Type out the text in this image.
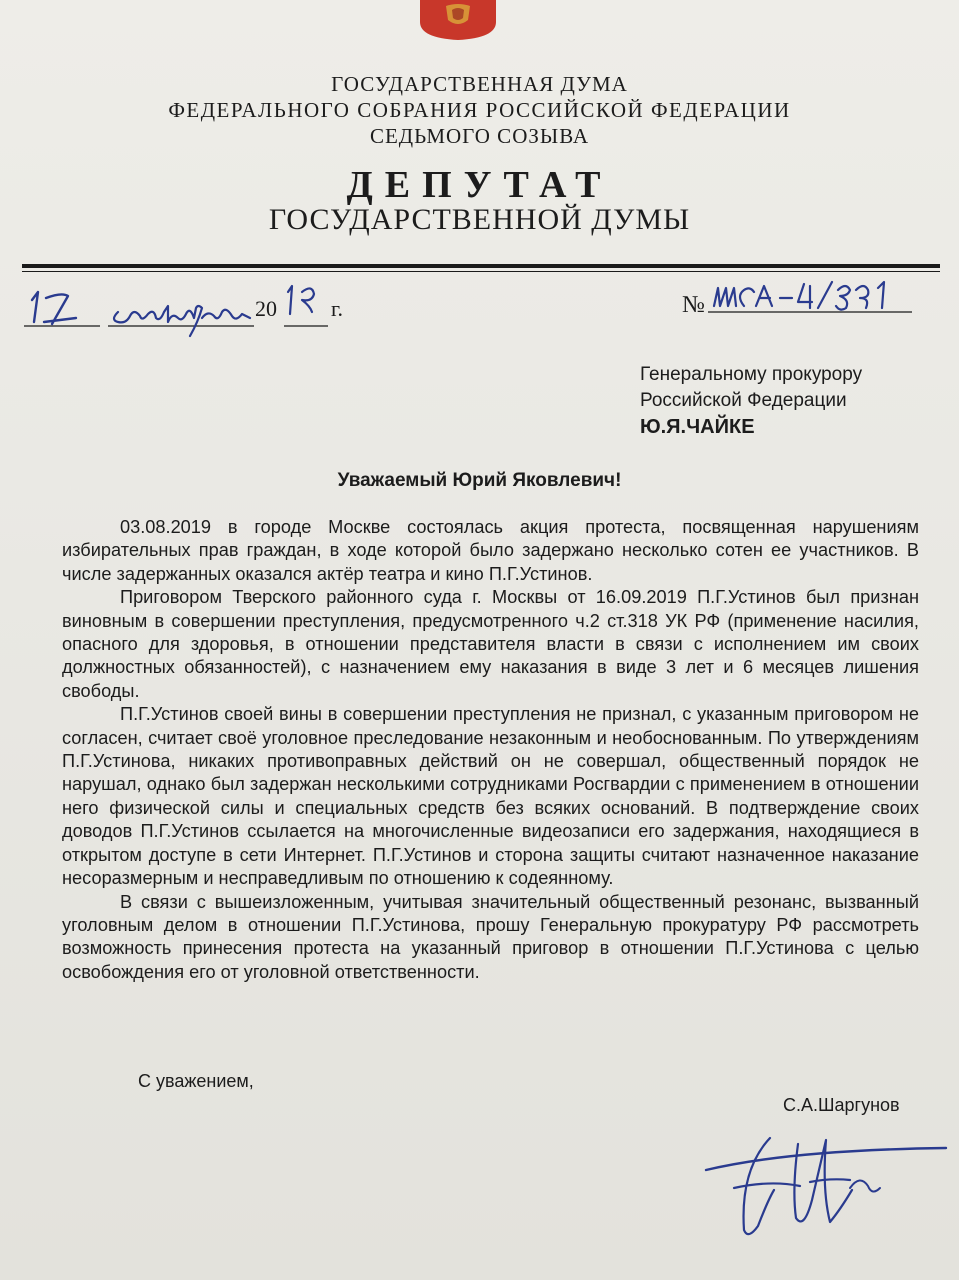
ГОСУДАРСТВЕННАЯ ДУМА
ФЕДЕРАЛЬНОГО СОБРАНИЯ РОССИЙСКОЙ ФЕДЕРАЦИИ
СЕДЬМОГО СОЗЫВА
ДЕПУТАТ
ГОСУДАРСТВЕННОЙ ДУМЫ
20 г.	№
Генеральному прокурору
Российской Федерации
Ю.Я.ЧАЙКЕ
Уважаемый Юрий Яковлевич!

03.08.2019 в городе Москве состоялась акция протеста, посвященная нарушениям избирательных прав граждан, в ходе которой было задержано несколько сотен ее участников. В числе задержанных оказался актёр театра и кино П.Г.Устинов.

Приговором Тверского районного суда г. Москвы от 16.09.2019 П.Г.Устинов был признан виновным в совершении преступления, предусмотренного ч.2 ст.318 УК РФ (применение насилия, опасного для здоровья, в отношении представителя власти в связи с исполнением им своих должностных обязанностей), с назначением ему наказания в виде 3 лет и 6 месяцев лишения свободы.

П.Г.Устинов своей вины в совершении преступления не признал, с указанным приговором не согласен, считает своё уголовное преследование незаконным и необоснованным. По утверждениям П.Г.Устинова, никаких противоправных действий он не совершал, общественный порядок не нарушал, однако был задержан несколькими сотрудниками Росгвардии с применением в отношении него физической силы и специальных средств без всяких оснований. В подтверждение своих доводов П.Г.Устинов ссылается на многочисленные видеозаписи его задержания, находящиеся в открытом доступе в сети Интернет. П.Г.Устинов и сторона защиты считают назначенное наказание несоразмерным и несправедливым по отношению к содеянному.

В связи с вышеизложенным, учитывая значительный общественный резонанс, вызванный уголовным делом в отношении П.Г.Устинова, прошу Генеральную прокуратуру РФ рассмотреть возможность принесения протеста на указанный приговор в отношении П.Г.Устинова с целью освобождения его от уголовной ответственности.

С уважением,
С.А.Шаргунов
